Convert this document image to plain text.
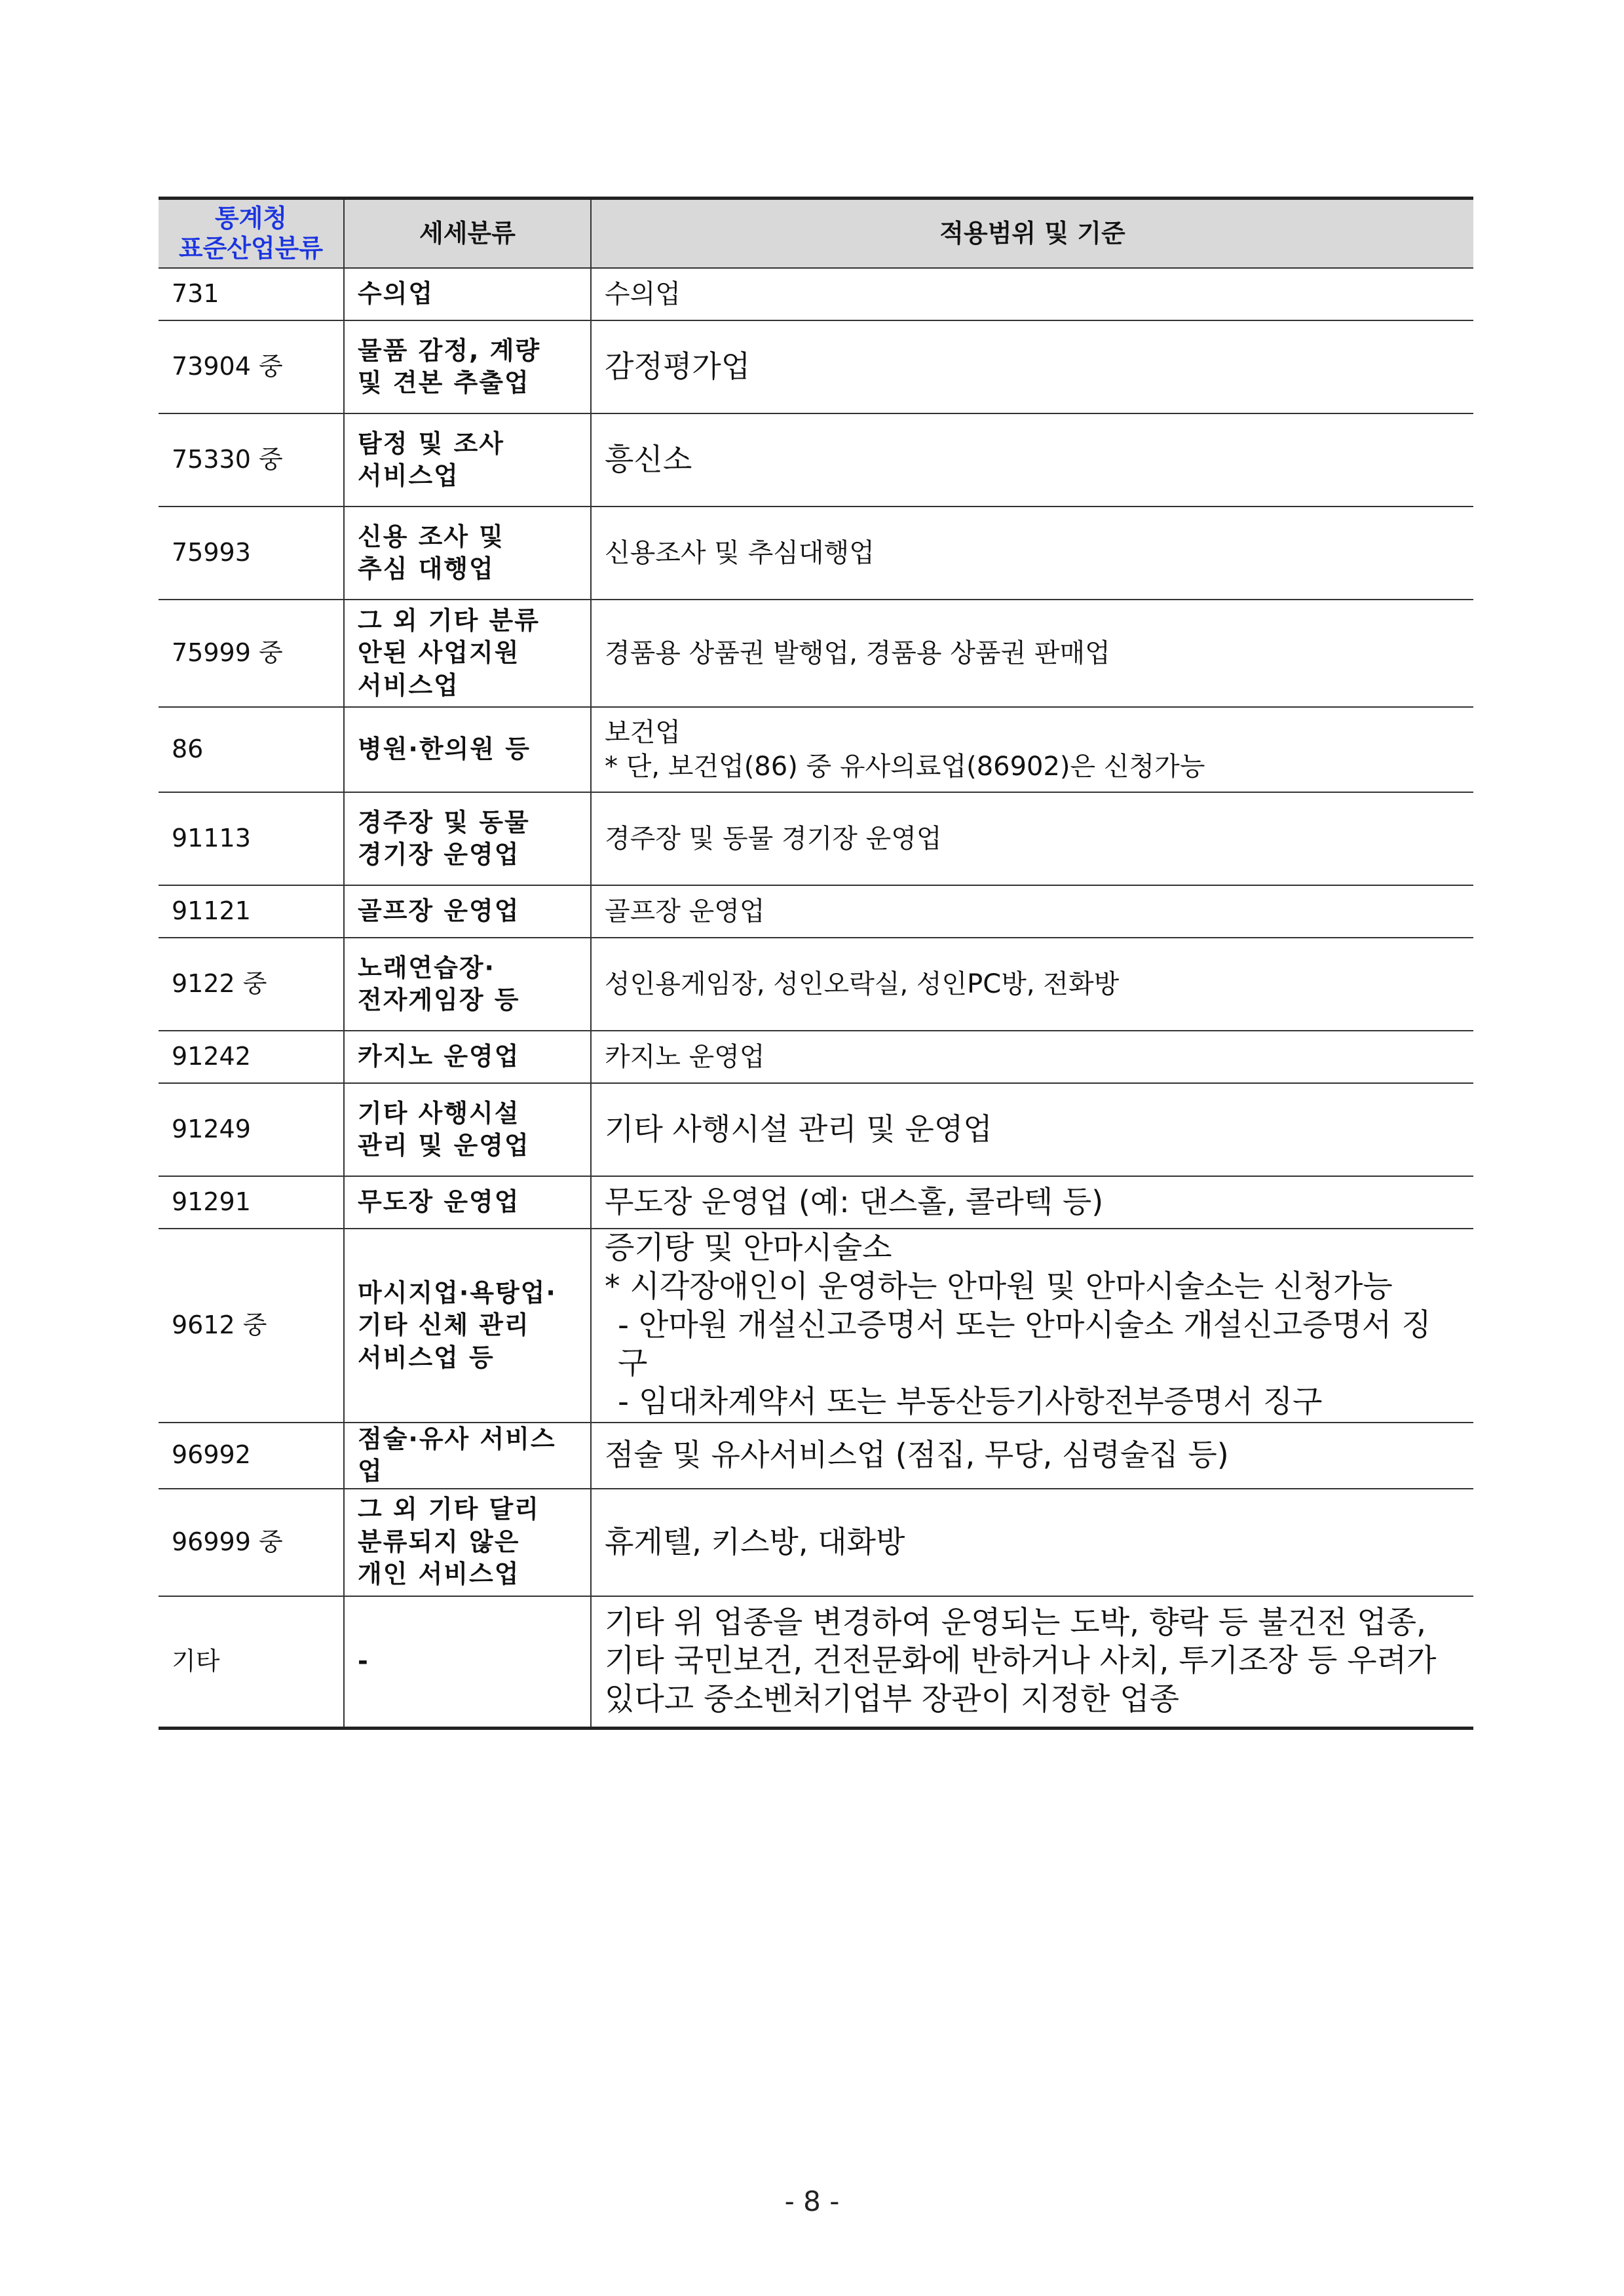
통계청
표준산업분류	세세분류	적용범위 및 기준
731	수의업	수의업

73904 중	물품 감정, 계량
및 견본 추출업	감정평가업

75330 중	탐정 및 조사
서비스업	흥신소

75993	신용 조사 및
추심 대행업	신용조사 및 추심대행업

75999 중	그 외 기타 분류
안된 사업지원
서비스업	경품용 상품권 발행업, 경품용 상품권 판매업

86	병원·한의원 등	보건업
* 단, 보건업(86) 중 유사의료업(86902)은 신청가능

91113	경주장 및 동물
경기장 운영업	경주장 및 동물 경기장 운영업

91121	골프장 운영업	골프장 운영업

9122 중	노래연습장·
전자게임장 등	성인용게임장, 성인오락실, 성인PC방, 전화방

91242	카지노 운영업	카지노 운영업

91249	기타 사행시설
관리 및 운영업	기타 사행시설 관리 및 운영업

91291	무도장 운영업	무도장 운영업 (예: 댄스홀, 콜라텍 등)

9612 중	마시지업·욕탕업·
기타 신체 관리
서비스업 등	증기탕 및 안마시술소
* 시각장애인이 운영하는 안마원 및 안마시술소는 신청가능
- 안마원 개설신고증명서 또는 안마시술소 개설신고증명서 징구
- 임대차계약서 또는 부동산등기사항전부증명서 징구

96992	점술·유사 서비스업	점술 및 유사서비스업 (점집, 무당, 심령술집 등)

96999 중	그 외 기타 달리
분류되지 않은
개인 서비스업	휴게텔, 키스방, 대화방

기타	-	기타 위 업종을 변경하여 운영되는 도박, 향락 등 불건전 업종,
기타 국민보건, 건전문화에 반하거나 사치, 투기조장 등 우려가
있다고 중소벤처기업부 장관이 지정한 업종
- 8 -
